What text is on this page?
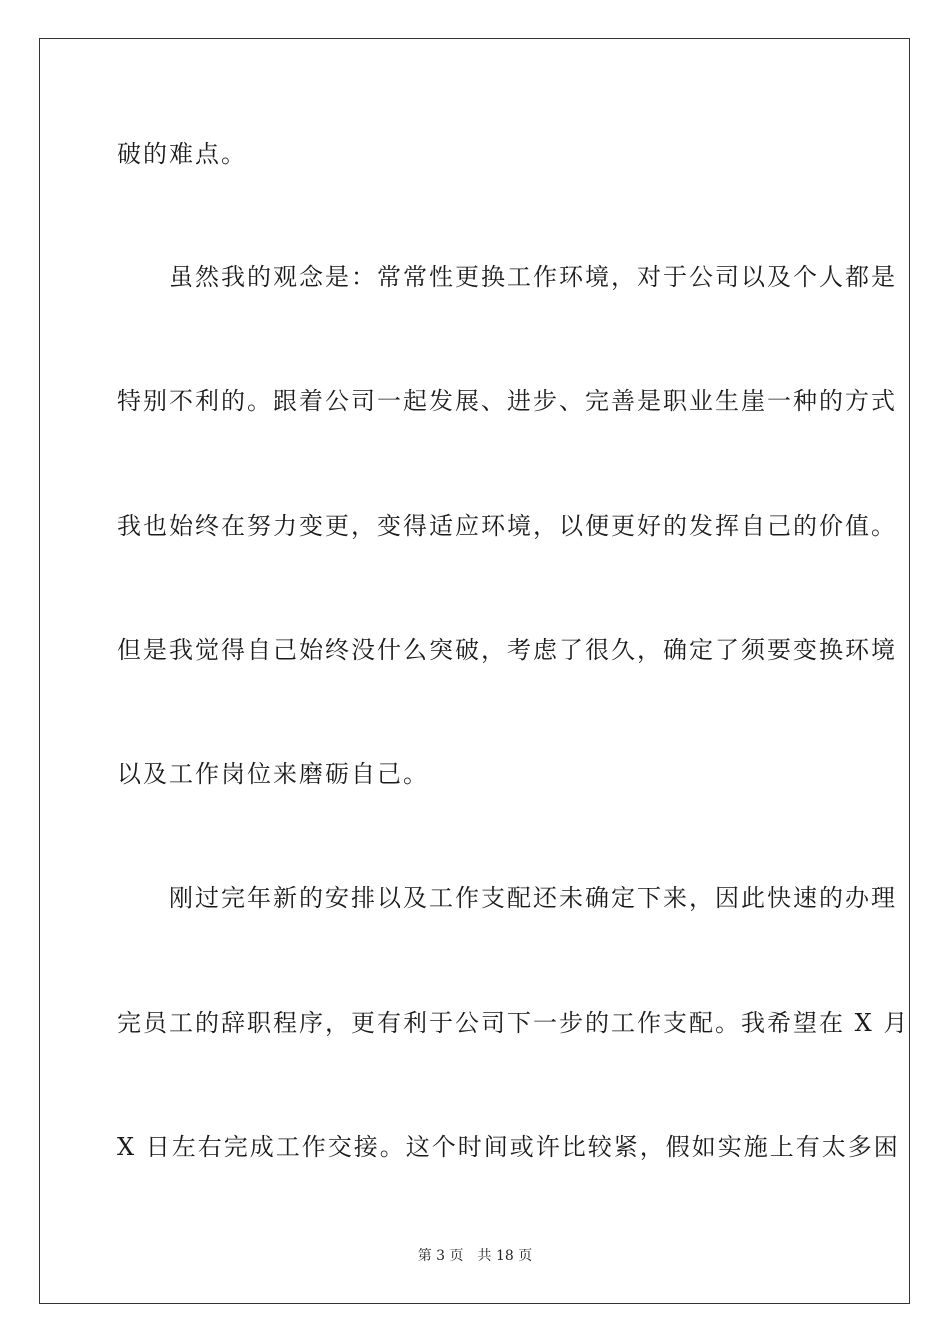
破的难点。
　　虽然我的观念是：常常性更换工作环境，对于公司以及个人都是
特别不利的。跟着公司一起发展、进步、完善是职业生崖一种的方式
我也始终在努力变更，变得适应环境，以便更好的发挥自己的价值。
但是我觉得自己始终没什么突破，考虑了很久，确定了须要变换环境
以及工作岗位来磨砺自己。
　　刚过完年新的安排以及工作支配还未确定下来，因此快速的办理
完员工的辞职程序，更有利于公司下一步的工作支配。我希望在 X 月
X 日左右完成工作交接。这个时间或许比较紧，假如实施上有太多困
第 3 页 共 18 页
